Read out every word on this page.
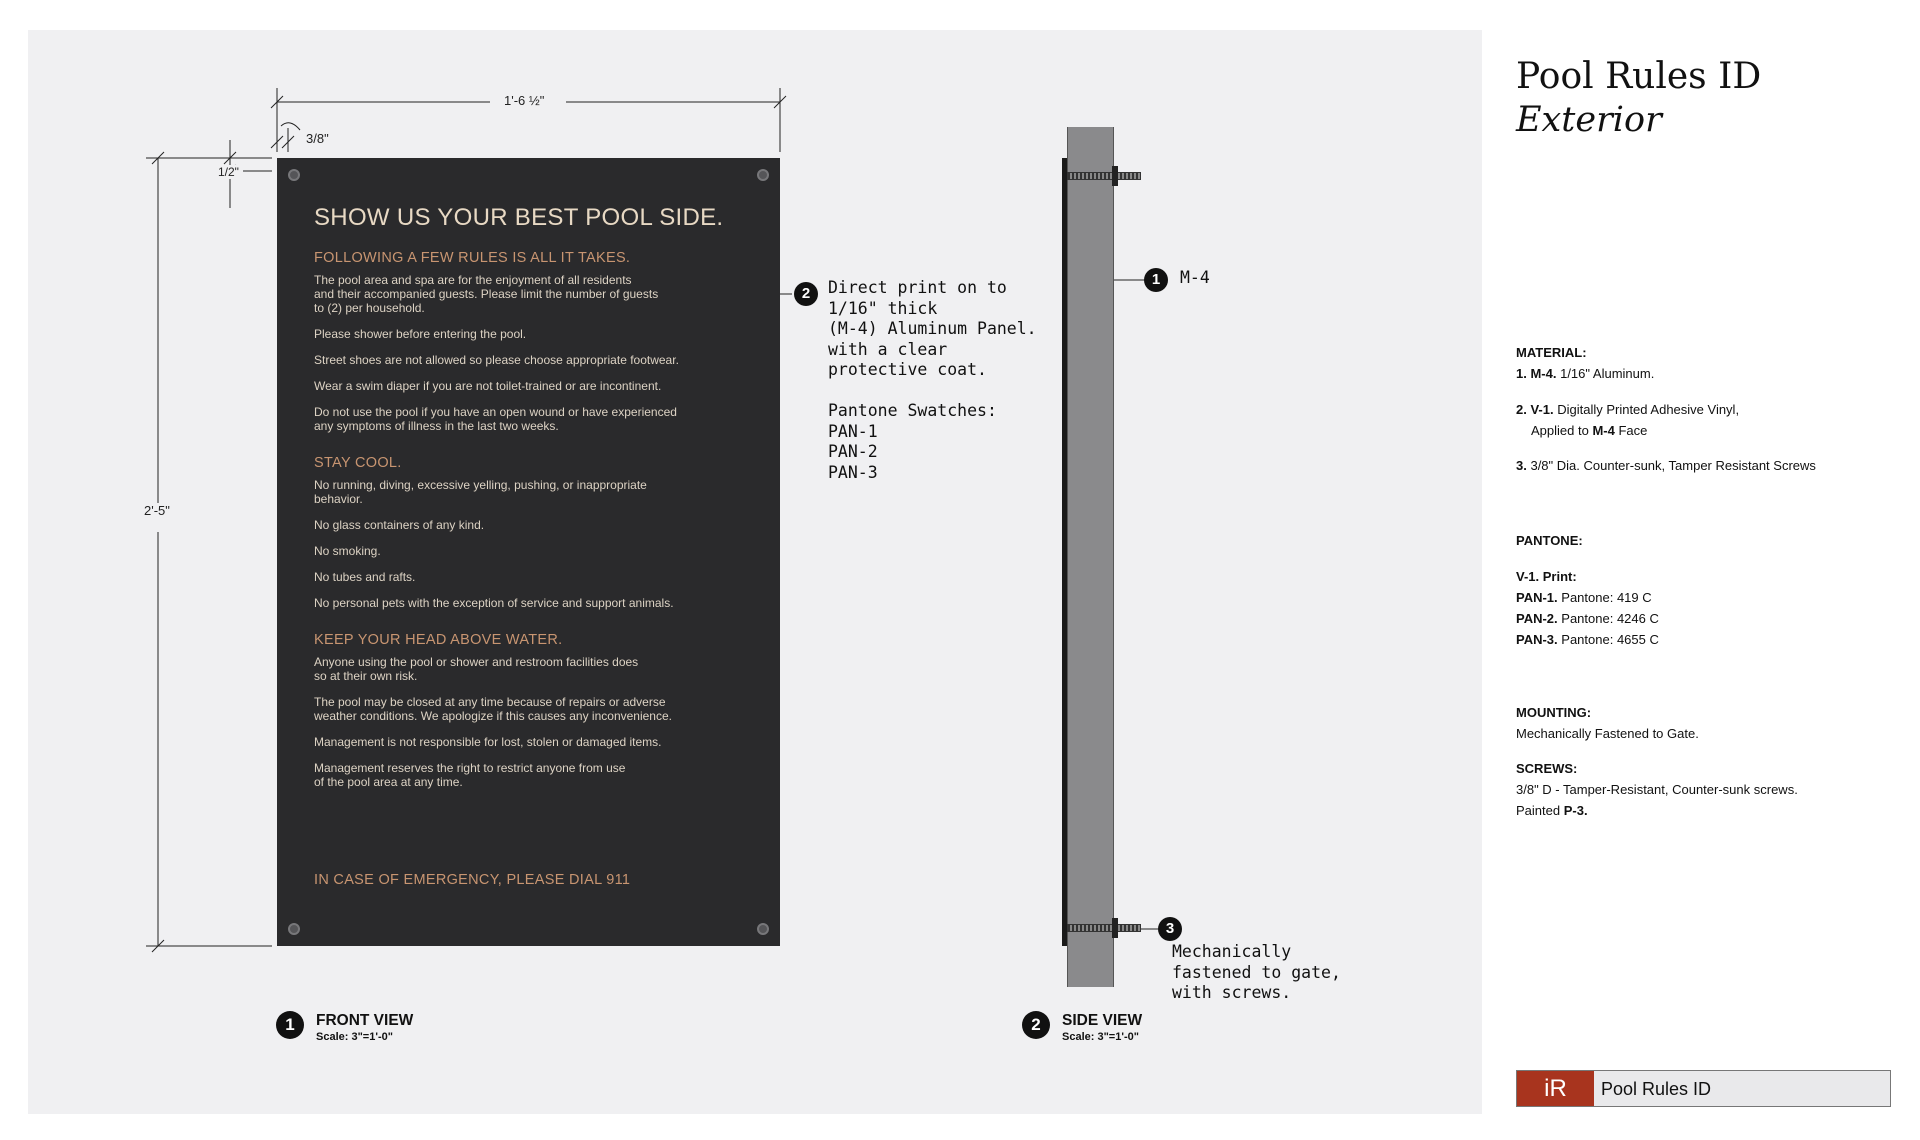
1'-6 ½"
3/8"
1/2"
2'-5"
SHOW US YOUR BEST POOL SIDE.
FOLLOWING A FEW RULES IS ALL IT TAKES.
The pool area and spa are for the enjoyment of all residents
and their accompanied guests. Please limit the number of guests
to (2) per household.
Please shower before entering the pool.
Street shoes are not allowed so please choose appropriate footwear.
Wear a swim diaper if you are not toilet-trained or are incontinent.
Do not use the pool if you have an open wound or have experienced
any symptoms of illness in the last two weeks.
STAY COOL.
No running, diving, excessive yelling, pushing, or inappropriate
behavior.
No glass containers of any kind.
No smoking.
No tubes and rafts.
No personal pets with the exception of service and support animals.
KEEP YOUR HEAD ABOVE WATER.
Anyone using the pool or shower and restroom facilities does
so at their own risk.
The pool may be closed at any time because of repairs or adverse
weather conditions. We apologize if this causes any inconvenience.
Management is not responsible for lost, stolen or damaged items.
Management reserves the right to restrict anyone from use
of the pool area at any time.
IN CASE OF EMERGENCY, PLEASE DIAL 911
2	Direct print on to
1/16" thick
(M-4) Aluminum Panel.
with a clear
protective coat.

Pantone Swatches:
PAN-1
PAN-2
PAN-3
1	M-4
3
Mechanically
fastened to gate,
with screws.
1	FRONT VIEW
Scale: 3"=1'-0"
2	SIDE VIEW
Scale: 3"=1'-0"
Pool Rules ID
Exterior
MATERIAL:
1. M-4. 1/16" Aluminum.
2. V-1. Digitally Printed Adhesive Vinyl,
Applied to M-4 Face
3. 3/8" Dia. Counter-sunk, Tamper Resistant Screws
PANTONE:
V-1. Print:
PAN-1. Pantone: 419 C
PAN-2. Pantone: 4246 C
PAN-3. Pantone: 4655 C
MOUNTING:
Mechanically Fastened to Gate.
SCREWS:
3/8" D - Tamper-Resistant, Counter-sunk screws.
Painted P-3.
iR	Pool Rules ID
